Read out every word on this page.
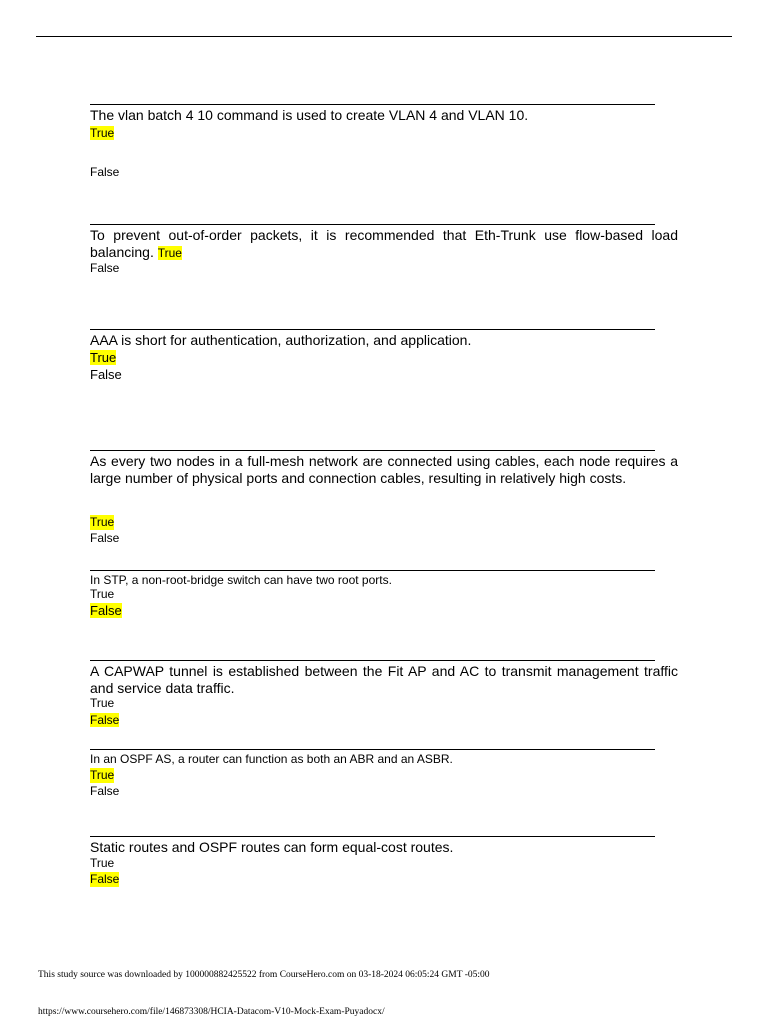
The vlan batch 4 10 command is used to create VLAN 4 and VLAN 10.

True
False

To prevent out-of-order packets, it is recommended that Eth-Trunk use flow-based load balancing. True

False

AAA is short for authentication, authorization, and application.

True
False

As every two nodes in a full-mesh network are connected using cables, each node requires a large number of physical ports and connection cables, resulting in relatively high costs.

True
False

In STP, a non-root-bridge switch can have two root ports.

True
False

A CAPWAP tunnel is established between the Fit AP and AC to transmit management traffic and service data traffic.

True
False

In an OSPF AS, a router can function as both an ABR and an ASBR.

True
False

Static routes and OSPF routes can form equal-cost routes.

True
False
This study source was downloaded by 100000882425522 from CourseHero.com on 03-18-2024 06:05:24 GMT -05:00
https://www.coursehero.com/file/146873308/HCIA-Datacom-V10-Mock-Exam-Puyadocx/
